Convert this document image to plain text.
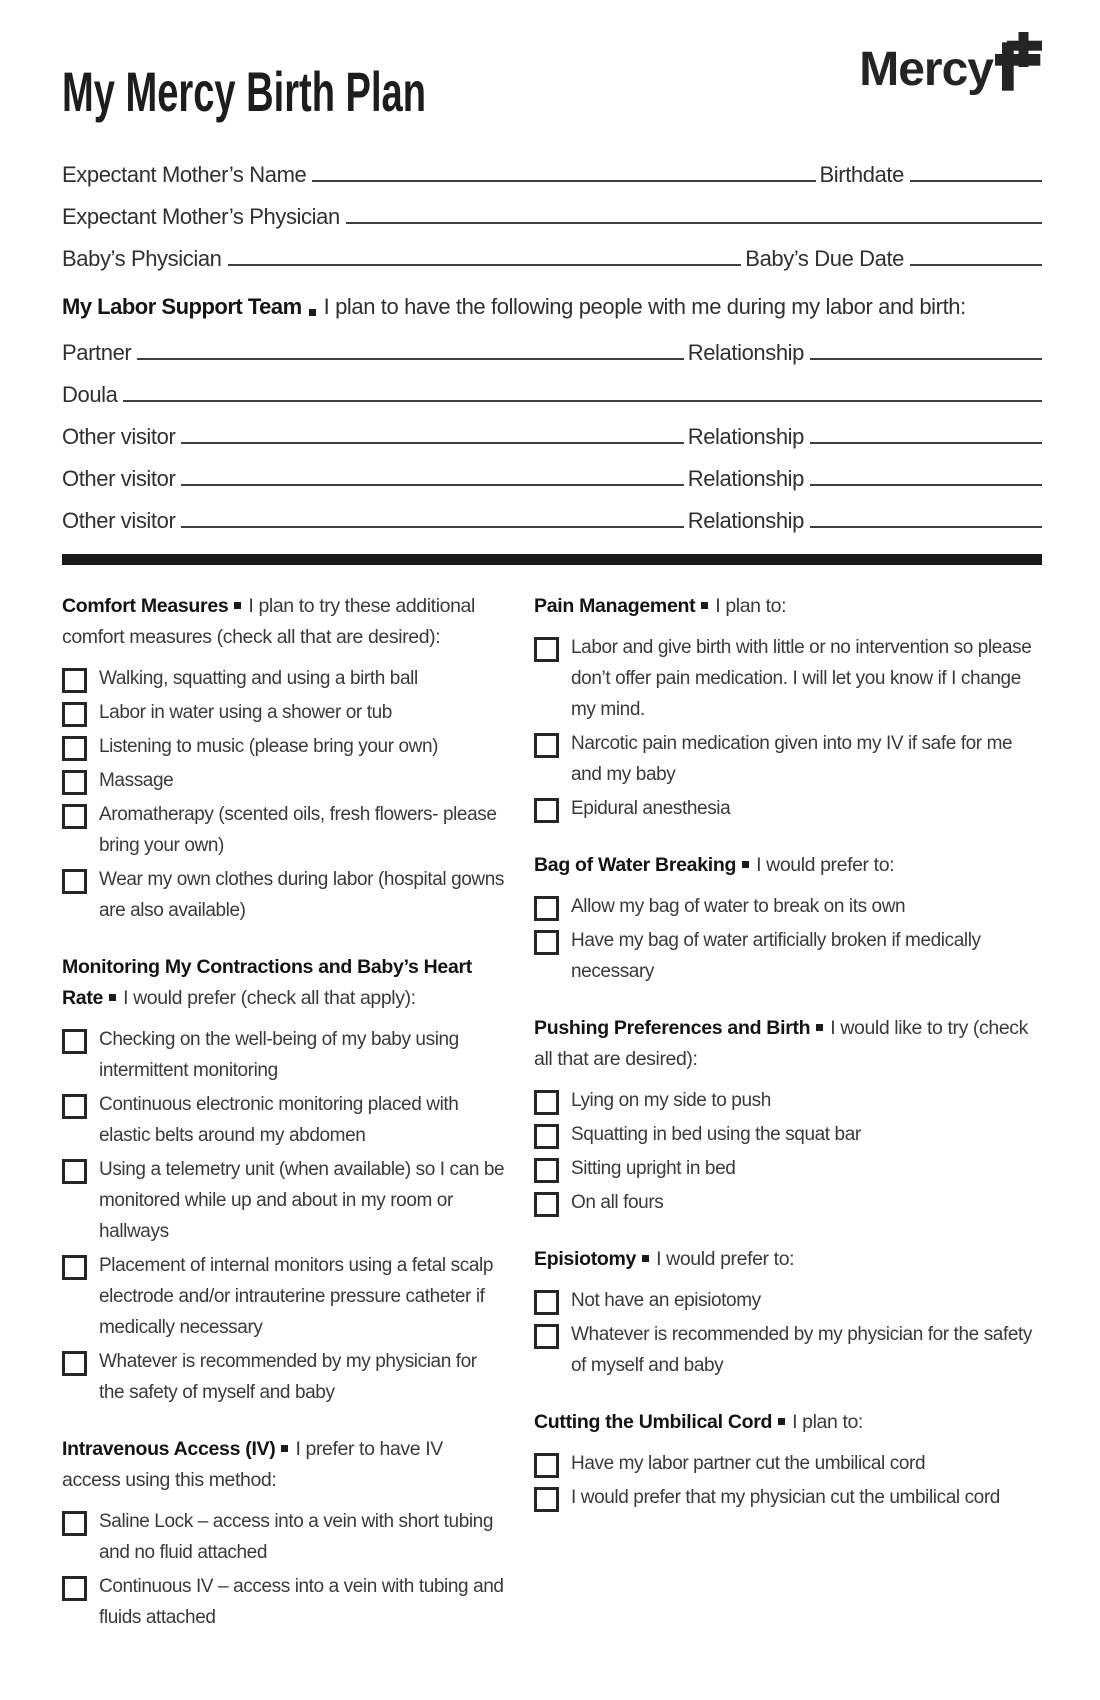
My Mercy Birth Plan	Mercy
Expectant Mother’s Name	Birthdate
Expectant Mother’s Physician
Baby’s Physician	Baby’s Due Date

My Labor Support Team I plan to have the following people with me during my labor and birth:

Partner	Relationship
Doula
Other visitor	Relationship
Other visitor	Relationship
Other visitor	Relationship

Comfort Measures I plan to try these additional comfort measures (check all that are desired):

Walking, squatting and using a birth ball
Labor in water using a shower or tub
Listening to music (please bring your own)
Massage
Aromatherapy (scented oils, fresh flowers- please bring your own)
Wear my own clothes during labor (hospital gowns are also available)

Monitoring My Contractions and Baby’s Heart Rate I would prefer (check all that apply):

Checking on the well-being of my baby using intermittent monitoring
Continuous electronic monitoring placed with elastic belts around my abdomen
Using a telemetry unit (when available) so I can be monitored while up and about in my room or hallways
Placement of internal monitors using a fetal scalp electrode and/or intrauterine pressure catheter if medically necessary
Whatever is recommended by my physician for the safety of myself and baby

Intravenous Access (IV) I prefer to have IV access using this method:

Saline Lock – access into a vein with short tubing and no fluid attached
Continuous IV – access into a vein with tubing and fluids attached

Pain Management I plan to:

Labor and give birth with little or no intervention so please don’t offer pain medication. I will let you know if I change my mind.
Narcotic pain medication given into my IV if safe for me and my baby
Epidural anesthesia

Bag of Water Breaking I would prefer to:

Allow my bag of water to break on its own
Have my bag of water artificially broken if medically necessary

Pushing Preferences and Birth I would like to try (check all that are desired):

Lying on my side to push
Squatting in bed using the squat bar
Sitting upright in bed
On all fours

Episiotomy I would prefer to:

Not have an episiotomy
Whatever is recommended by my physician for the safety of myself and baby

Cutting the Umbilical Cord I plan to:

Have my labor partner cut the umbilical cord
I would prefer that my physician cut the umbilical cord
